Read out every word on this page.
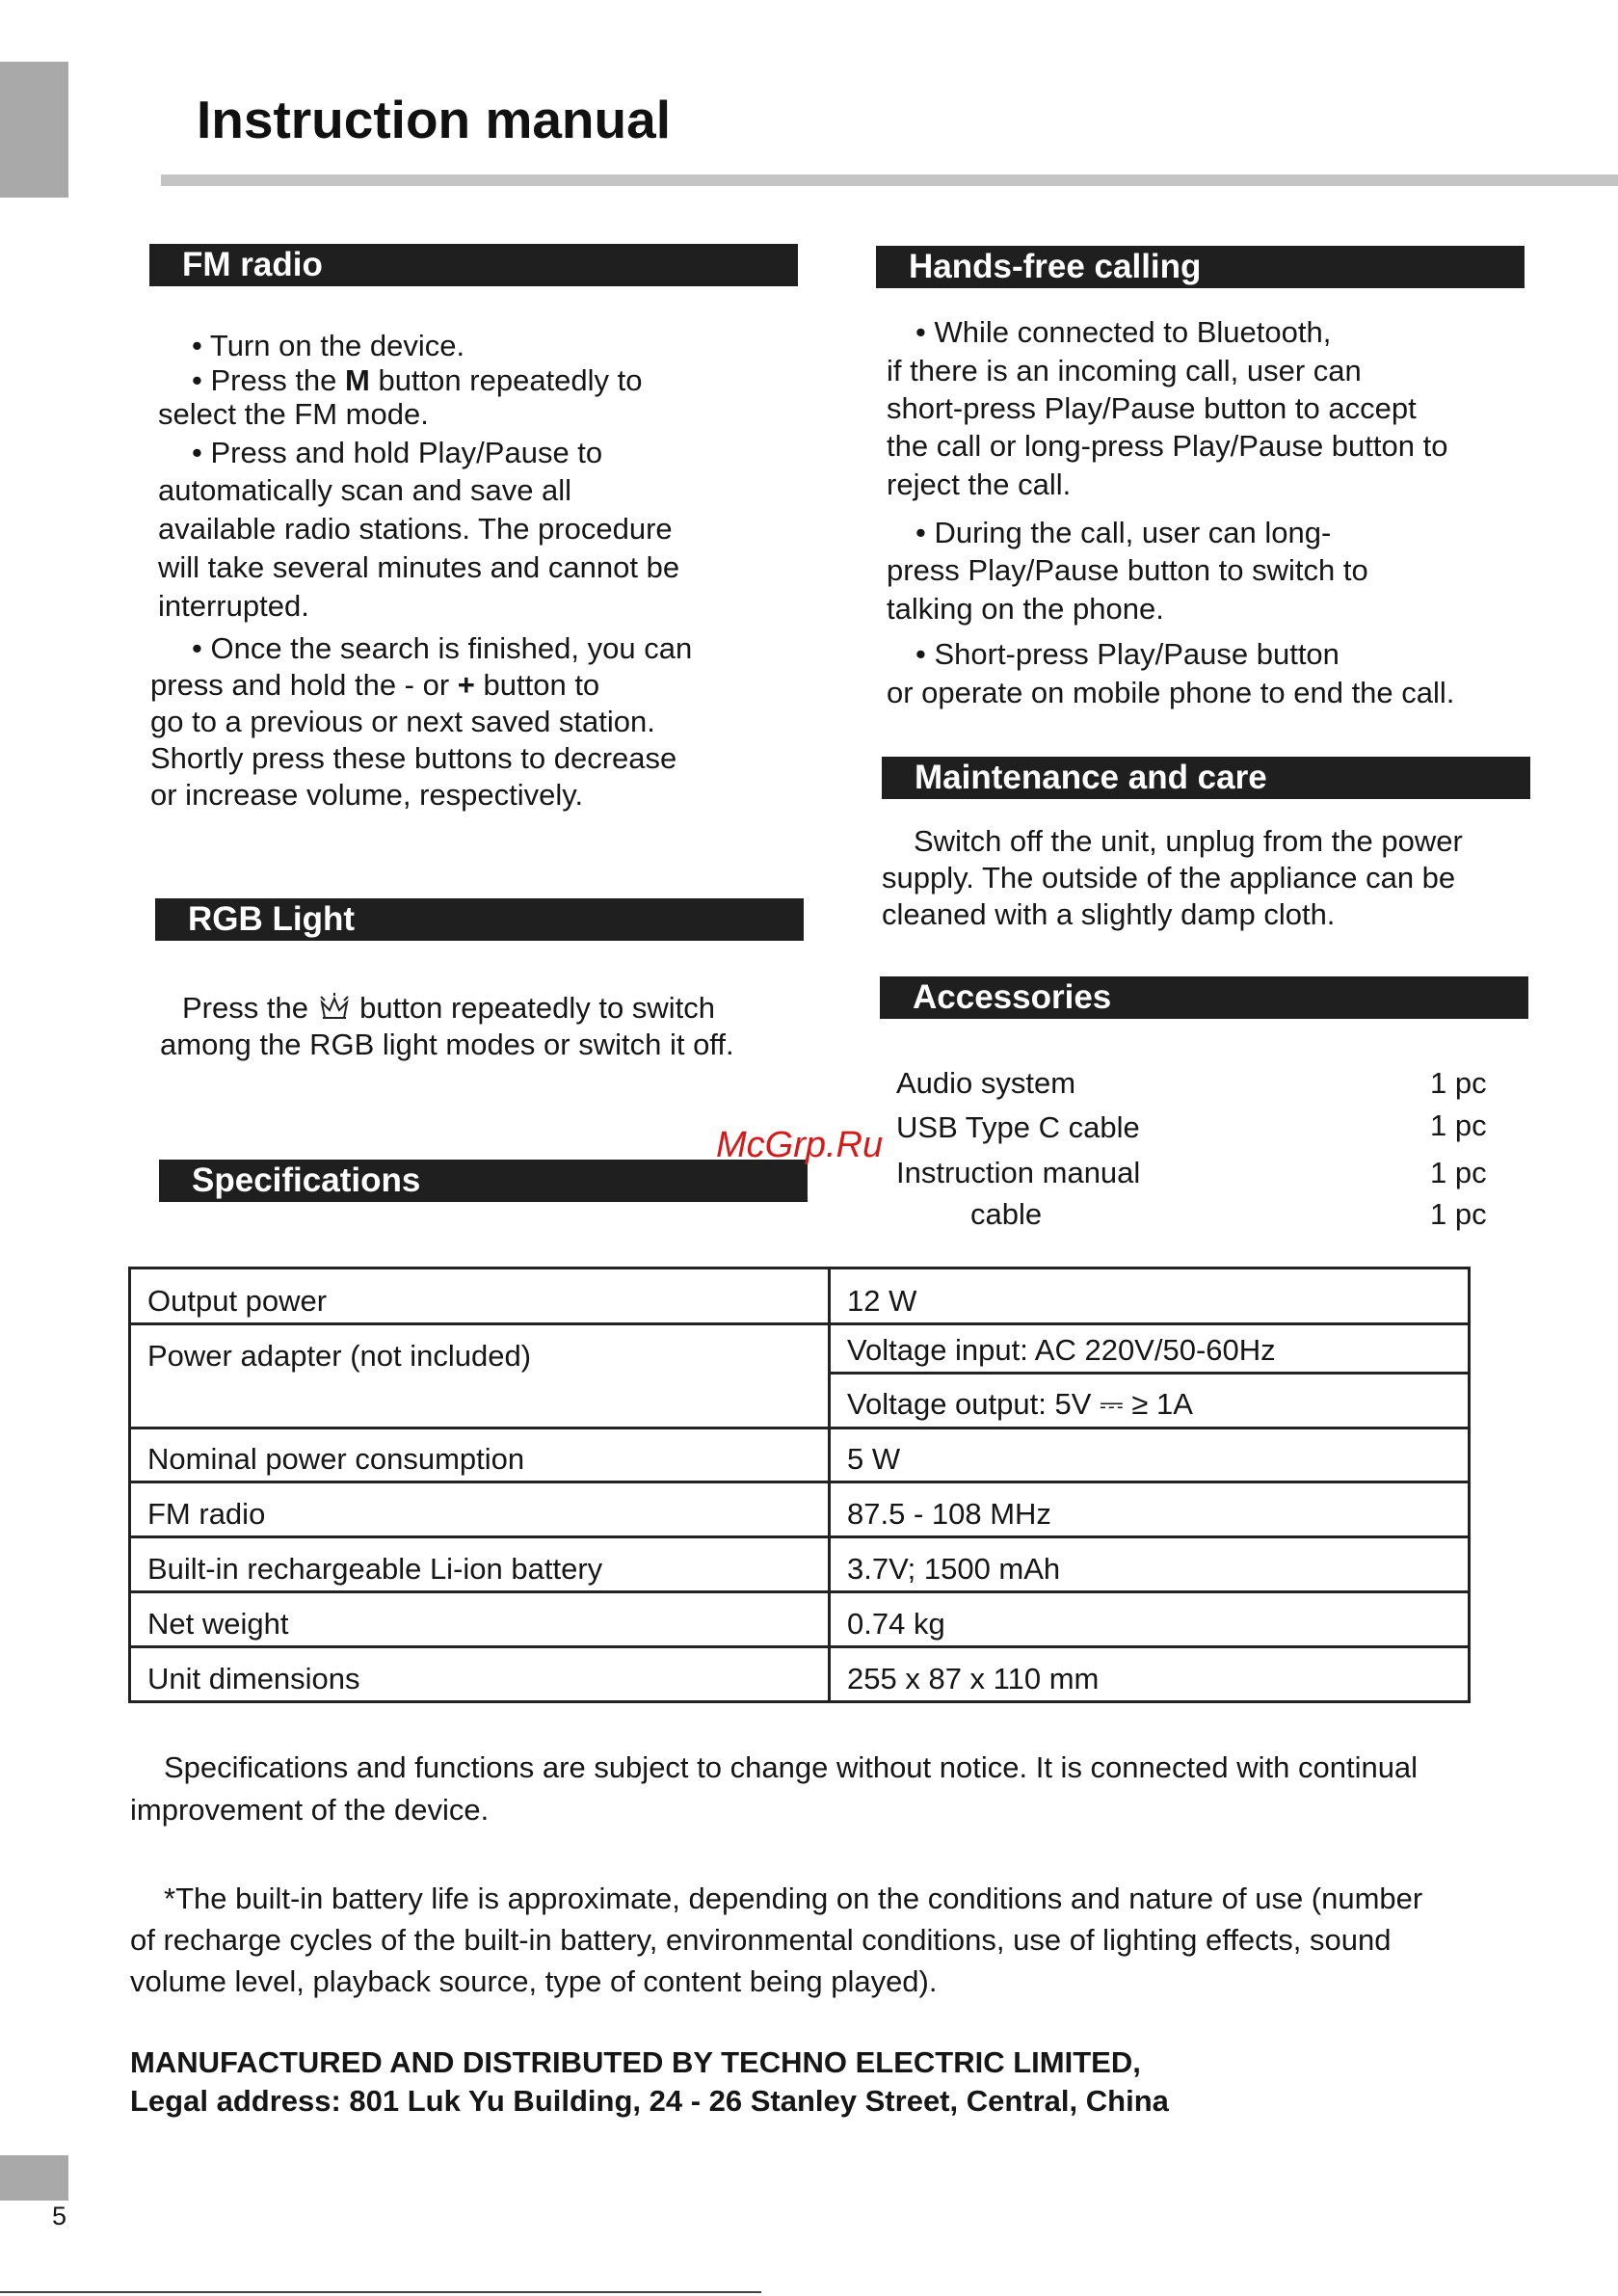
Instruction manual
FM radio
• Turn on the device.
• Press the M button repeatedly to
select the FM mode.
• Press and hold Play/Pause to
automatically scan and save all
available radio stations. The procedure
will take several minutes and cannot be
interrupted.
• Once the search is finished, you can
press and hold the - or + button to
go to a previous or next saved station.
Shortly press these buttons to decrease
or increase volume, respectively.
RGB Light
Press the  button repeatedly to switch
among the RGB light modes or switch it off.
Specifications
Hands-free calling
• While connected to Bluetooth,
if there is an incoming call, user can
short-press Play/Pause button to accept
the call or long-press Play/Pause button to
reject the call.
• During the call, user can long-
press Play/Pause button to switch to
talking on the phone.
• Short-press Play/Pause button
or operate on mobile phone to end the call.
Maintenance and care
Switch off the unit, unplug from the power
supply. The outside of the appliance can be
cleaned with a slightly damp cloth.
Accessories
Audio system	1 pc
USB Type C cable	1 pc
Instruction manual	1 pc
cable	1 pc
McGrp.Ru
Output power	12 W
Power adapter (not included)	Voltage input: AC 220V/50-60Hz
	Voltage output: 5V ⎓ ≥ 1A
Nominal power consumption	5 W
FM radio	87.5 - 108 MHz
Built-in rechargeable Li-ion battery	3.7V; 1500 mAh
Net weight	0.74 kg
Unit dimensions	255 x 87 x 110 mm
Specifications and functions are subject to change without notice. It is connected with continual
improvement of the device.
*The built-in battery life is approximate, depending on the conditions and nature of use (number
of recharge cycles of the built-in battery, environmental conditions, use of lighting effects, sound
volume level, playback source, type of content being played).
MANUFACTURED AND DISTRIBUTED BY TECHNO ELECTRIC LIMITED,
Legal address: 801 Luk Yu Building, 24 - 26 Stanley Street, Central, China
5
